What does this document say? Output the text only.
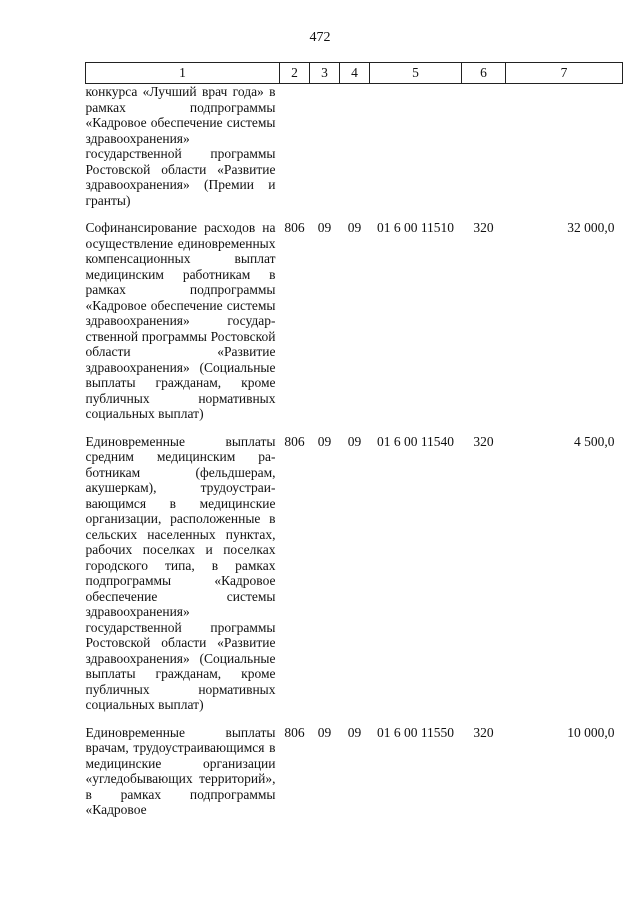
472
1	2	3	4	5	6	7
конкурса «Лучший врач года» в рамках подпрограммы «Кадровое обеспечение системы здравоохранения» государственной программы Ростовской области «Развитие здравоохранения» (Премии и гранты)						
Софинансирование расходов на осуществление единовременных компенсационных выплат медицинским работникам в рамках подпрограммы «Кадровое обеспечение системы здравоохранения» государственной программы Ростовской области «Развитие здравоохранения» (Социальные выплаты гражданам, кроме публичных нормативных социальных выплат)	806	09	09	01 6 00 11510	320	32 000,0
Единовременные выплаты средним медицинским работникам (фельдшерам, акушеркам), трудоустраивающимся в медицинские организации, расположенные в сельских населенных пунктах, рабочих поселках и поселках городского типа, в рамках подпрограммы «Кадровое обеспечение системы здравоохранения» государственной программы Ростовской области «Развитие здравоохранения» (Социальные выплаты гражданам, кроме публичных нормативных социальных выплат)	806	09	09	01 6 00 11540	320	4 500,0
Единовременные выплаты врачам, трудоустраивающимся в медицинские организации «угледобывающих территорий», в рамках подпрограммы «Кадровое	806	09	09	01 6 00 11550	320	10 000,0
